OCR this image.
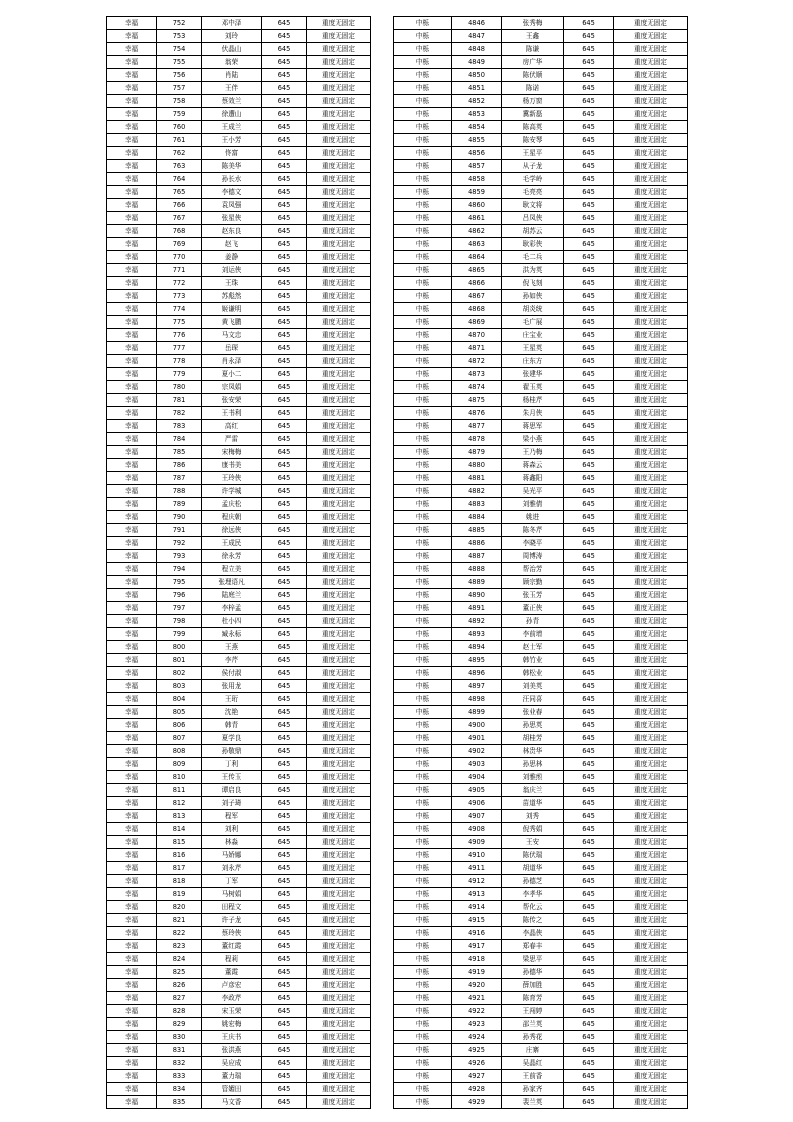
幸福	752	邓中泽	645	重度无固定
幸福	753	刘玲	645	重度无固定
幸福	754	伏晶山	645	重度无固定
幸福	755	翁荣	645	重度无固定
幸福	756	肖陆	645	重度无固定
幸福	757	王伴	645	重度无固定
幸福	758	蔡效兰	645	重度无固定
幸福	759	徐遭山	645	重度无固定
幸福	760	王成兰	645	重度无固定
幸福	761	王小芳	645	重度无固定
幸福	762	佟富	645	重度无固定
幸福	763	陈美华	645	重度无固定
幸福	764	孙长水	645	重度无固定
幸福	765	李德文	645	重度无固定
幸福	766	袁凤强	645	重度无固定
幸福	767	张星侠	645	重度无固定
幸福	768	赵东良	645	重度无固定
幸福	769	赵飞	645	重度无固定
幸福	770	姜静	645	重度无固定
幸福	771	刘运侠	645	重度无固定
幸福	772	王珠	645	重度无固定
幸福	773	苏彪然	645	重度无固定
幸福	774	姬谦明	645	重度无固定
幸福	775	黄飞鹏	645	重度无固定
幸福	776	马文忠	645	重度无固定
幸福	777	岳琛	645	重度无固定
幸福	778	肖永泽	645	重度无固定
幸福	779	夏小二	645	重度无固定
幸福	780	宗凤娟	645	重度无固定
幸福	781	张安荣	645	重度无固定
幸福	782	王书利	645	重度无固定
幸福	783	高红	645	重度无固定
幸福	784	严雷	645	重度无固定
幸福	785	宋梅梅	645	重度无固定
幸福	786	康书美	645	重度无固定
幸福	787	王玲侠	645	重度无固定
幸福	788	许学城	645	重度无固定
幸福	789	孟庆松	645	重度无固定
幸福	790	程庆朝	645	重度无固定
幸福	791	徐远侠	645	重度无固定
幸福	792	王成民	645	重度无固定
幸福	793	徐永芳	645	重度无固定
幸福	794	程立美	645	重度无固定
幸福	795	张理语凡	645	重度无固定
幸福	796	陆庭兰	645	重度无固定
幸福	797	李梓孟	645	重度无固定
幸福	798	杜小四	645	重度无固定
幸福	799	臧永标	645	重度无固定
幸福	800	王燕	645	重度无固定
幸福	801	李芹	645	重度无固定
幸福	802	侯付淑	645	重度无固定
幸福	803	张用龙	645	重度无固定
幸福	804	王珩	645	重度无固定
幸福	805	沈艳	645	重度无固定
幸福	806	韩青	645	重度无固定
幸福	807	夏学良	645	重度无固定
幸福	808	孙敬鼎	645	重度无固定
幸福	809	丁利	645	重度无固定
幸福	810	王传玉	645	重度无固定
幸福	811	谭启良	645	重度无固定
幸福	812	刘子琦	645	重度无固定
幸福	813	程军	645	重度无固定
幸福	814	刘利	645	重度无固定
幸福	815	林淼	645	重度无固定
幸福	816	马娇娜	645	重度无固定
幸福	817	刘永芹	645	重度无固定
幸福	818	丁军	645	重度无固定
幸福	819	马树娟	645	重度无固定
幸福	820	田程文	645	重度无固定
幸福	821	许子龙	645	重度无固定
幸福	822	蔡玲侠	645	重度无固定
幸福	823	董红霞	645	重度无固定
幸福	824	程莉	645	重度无固定
幸福	825	董霞	645	重度无固定
幸福	826	卢彦宏	645	重度无固定
幸福	827	李政芹	645	重度无固定
幸福	828	宋玉荣	645	重度无固定
幸福	829	姚宏梅	645	重度无固定
幸福	830	王庆书	645	重度无固定
幸福	831	张洪燕	645	重度无固定
幸福	832	吴应成	645	重度无固定
幸福	833	董力瑞	645	重度无固定
幸福	834	管媚田	645	重度无固定
幸福	835	马文香	645	重度无固定
中栎	4846	张秀梅	645	重度无固定
中栎	4847	王鑫	645	重度无固定
中栎	4848	陈谦	645	重度无固定
中栎	4849	房广华	645	重度无固定
中栎	4850	陈伏顺	645	重度无固定
中栎	4851	陈诺	645	重度无固定
中栎	4852	杨万窗	645	重度无固定
中栎	4853	冀新磊	645	重度无固定
中栎	4854	陈高英	645	重度无固定
中栎	4855	陈安琴	645	重度无固定
中栎	4856	王星平	645	重度无固定
中栎	4857	从子龙	645	重度无固定
中栎	4858	毛学岭	645	重度无固定
中栎	4859	毛亮亮	645	重度无固定
中栎	4860	耿文将	645	重度无固定
中栎	4861	吕凤侠	645	重度无固定
中栎	4862	胡苏云	645	重度无固定
中栎	4863	耿彩侠	645	重度无固定
中栎	4864	毛二兵	645	重度无固定
中栎	4865	洪为英	645	重度无固定
中栎	4866	倪飞刻	645	重度无固定
中栎	4867	孙如侠	645	重度无固定
中栎	4868	胡炎统	645	重度无固定
中栎	4869	毛广展	645	重度无固定
中栎	4870	庄宝业	645	重度无固定
中栎	4871	王星英	645	重度无固定
中栎	4872	庄东方	645	重度无固定
中栎	4873	张建华	645	重度无固定
中栎	4874	翟玉英	645	重度无固定
中栎	4875	杨桂芹	645	重度无固定
中栎	4876	朱月侠	645	重度无固定
中栎	4877	蒋思军	645	重度无固定
中栎	4878	梁小燕	645	重度无固定
中栎	4879	王乃梅	645	重度无固定
中栎	4880	蒋森云	645	重度无固定
中栎	4881	蒋鑫阳	645	重度无固定
中栎	4882	吴光平	645	重度无固定
中栎	4883	刘雅倩	645	重度无固定
中栎	4884	姚进	645	重度无固定
中栎	4885	陈冬芹	645	重度无固定
中栎	4886	李晓平	645	重度无固定
中栎	4887	周博涛	645	重度无固定
中栎	4888	帮治芳	645	重度无固定
中栎	4889	顾宗勤	645	重度无固定
中栎	4890	张玉芳	645	重度无固定
中栎	4891	董正侠	645	重度无固定
中栎	4892	孙青	645	重度无固定
中栎	4893	李前增	645	重度无固定
中栎	4894	赵士军	645	重度无固定
中栎	4895	韩竹业	645	重度无固定
中栎	4896	韩松业	645	重度无固定
中栎	4897	刘美英	645	重度无固定
中栎	4898	汪同喜	645	重度无固定
中栎	4899	张业春	645	重度无固定
中栎	4900	孙思英	645	重度无固定
中栎	4901	胡桂芳	645	重度无固定
中栎	4902	林贵华	645	重度无固定
中栎	4903	孙思林	645	重度无固定
中栎	4904	刘雅煎	645	重度无固定
中栎	4905	翁庆兰	645	重度无固定
中栎	4906	苗道华	645	重度无固定
中栎	4907	刘秀	645	重度无固定
中栎	4908	倪秀娟	645	重度无固定
中栎	4909	王安	645	重度无固定
中栎	4910	陈伏瑞	645	重度无固定
中栎	4911	胡道华	645	重度无固定
中栎	4912	孙德芝	645	重度无固定
中栎	4913	李孝华	645	重度无固定
中栎	4914	帮化云	645	重度无固定
中栎	4915	陈传之	645	重度无固定
中栎	4916	李晶侠	645	重度无固定
中栎	4917	郑春丰	645	重度无固定
中栎	4918	梁思平	645	重度无固定
中栎	4919	孙德华	645	重度无固定
中栎	4920	薛加胜	645	重度无固定
中栎	4921	陈育芳	645	重度无固定
中栎	4922	王闯婷	645	重度无固定
中栎	4923	邵兰英	645	重度无固定
中栎	4924	孙秀花	645	重度无固定
中栎	4925	庄寨	645	重度无固定
中栎	4926	吴晶红	645	重度无固定
中栎	4927	王前香	645	重度无固定
中栎	4928	孙家齐	645	重度无固定
中栎	4929	裴兰英	645	重度无固定
